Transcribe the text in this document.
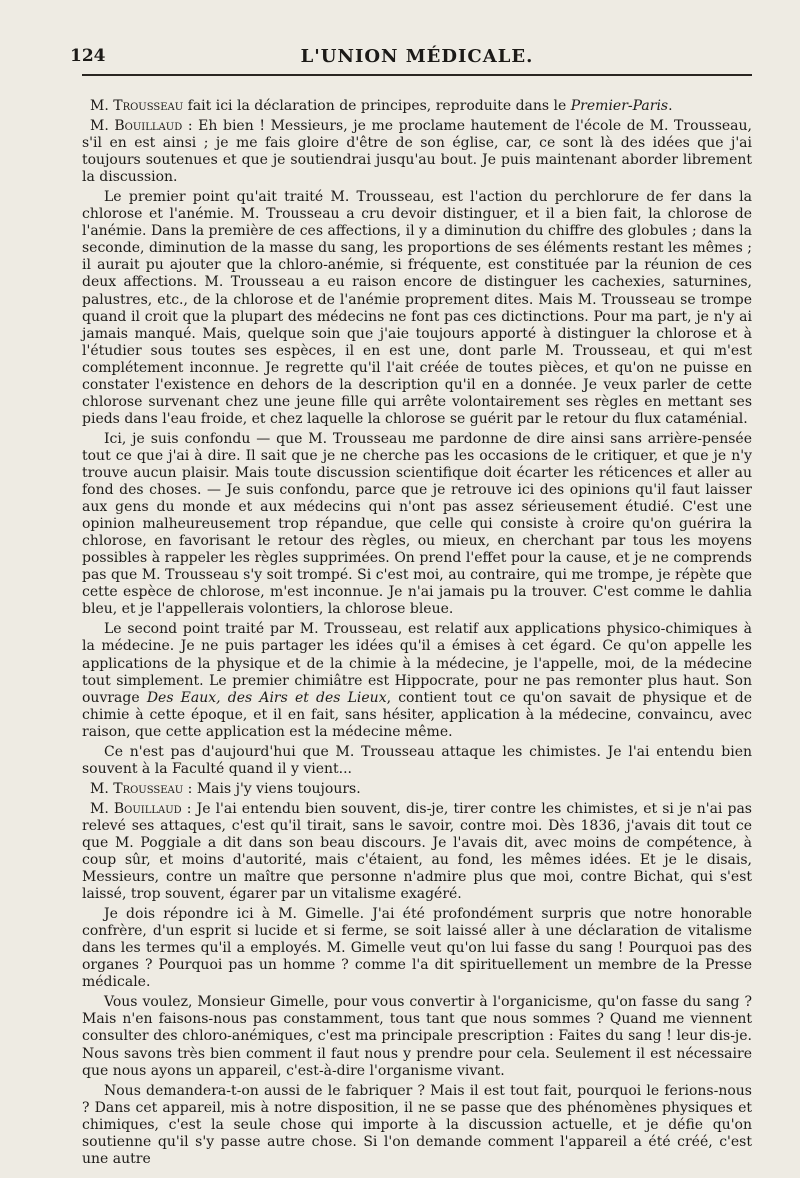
124	L'UNION MÉDICALE.

M. Trousseau fait ici la déclaration de principes, reproduite dans le Premier-Paris.

M. Bouillaud : Eh bien ! Messieurs, je me proclame hautement de l'école de M. Trousseau, s'il en est ainsi ; je me fais gloire d'être de son église, car, ce sont là des idées que j'ai toujours soutenues et que je soutiendrai jusqu'au bout. Je puis maintenant aborder librement la discussion.

Le premier point qu'ait traité M. Trousseau, est l'action du perchlorure de fer dans la chlorose et l'anémie. M. Trousseau a cru devoir distinguer, et il a bien fait, la chlorose de l'anémie. Dans la première de ces affections, il y a diminution du chiffre des globules ; dans la seconde, diminution de la masse du sang, les proportions de ses éléments restant les mêmes ; il aurait pu ajouter que la chloro-anémie, si fréquente, est constituée par la réunion de ces deux affections. M. Trousseau a eu raison encore de distinguer les cachexies, saturnines, palustres, etc., de la chlorose et de l'anémie proprement dites. Mais M. Trousseau se trompe quand il croit que la plupart des médecins ne font pas ces dictinctions. Pour ma part, je n'y ai jamais manqué. Mais, quelque soin que j'aie toujours apporté à distinguer la chlorose et à l'étudier sous toutes ses espèces, il en est une, dont parle M. Trousseau, et qui m'est complétement inconnue. Je regrette qu'il l'ait créée de toutes pièces, et qu'on ne puisse en constater l'existence en dehors de la description qu'il en a donnée. Je veux parler de cette chlorose survenant chez une jeune fille qui arrête volontairement ses règles en mettant ses pieds dans l'eau froide, et chez laquelle la chlorose se guérit par le retour du flux cataménial.

Ici, je suis confondu — que M. Trousseau me pardonne de dire ainsi sans arrière-pensée tout ce que j'ai à dire. Il sait que je ne cherche pas les occasions de le critiquer, et que je n'y trouve aucun plaisir. Mais toute discussion scientifique doit écarter les réticences et aller au fond des choses. — Je suis confondu, parce que je retrouve ici des opinions qu'il faut laisser aux gens du monde et aux médecins qui n'ont pas assez sérieusement étudié. C'est une opinion malheureusement trop répandue, que celle qui consiste à croire qu'on guérira la chlorose, en favorisant le retour des règles, ou mieux, en cherchant par tous les moyens possibles à rappeler les règles supprimées. On prend l'effet pour la cause, et je ne comprends pas que M. Trousseau s'y soit trompé. Si c'est moi, au contraire, qui me trompe, je répète que cette espèce de chlorose, m'est inconnue. Je n'ai jamais pu la trouver. C'est comme le dahlia bleu, et je l'appellerais volontiers, la chlorose bleue.

Le second point traité par M. Trousseau, est relatif aux applications physico-chimiques à la médecine. Je ne puis partager les idées qu'il a émises à cet égard. Ce qu'on appelle les applications de la physique et de la chimie à la médecine, je l'appelle, moi, de la médecine tout simplement. Le premier chimiâtre est Hippocrate, pour ne pas remonter plus haut. Son ouvrage Des Eaux, des Airs et des Lieux, contient tout ce qu'on savait de physique et de chimie à cette époque, et il en fait, sans hésiter, application à la médecine, convaincu, avec raison, que cette application est la médecine même.

Ce n'est pas d'aujourd'hui que M. Trousseau attaque les chimistes. Je l'ai entendu bien souvent à la Faculté quand il y vient...

M. Trousseau : Mais j'y viens toujours.

M. Bouillaud : Je l'ai entendu bien souvent, dis-je, tirer contre les chimistes, et si je n'ai pas relevé ses attaques, c'est qu'il tirait, sans le savoir, contre moi. Dès 1836, j'avais dit tout ce que M. Poggiale a dit dans son beau discours. Je l'avais dit, avec moins de compétence, à coup sûr, et moins d'autorité, mais c'étaient, au fond, les mêmes idées. Et je le disais, Messieurs, contre un maître que personne n'admire plus que moi, contre Bichat, qui s'est laissé, trop souvent, égarer par un vitalisme exagéré.

Je dois répondre ici à M. Gimelle. J'ai été profondément surpris que notre honorable confrère, d'un esprit si lucide et si ferme, se soit laissé aller à une déclaration de vitalisme dans les termes qu'il a employés. M. Gimelle veut qu'on lui fasse du sang ! Pourquoi pas des organes ? Pourquoi pas un homme ? comme l'a dit spirituellement un membre de la Presse médicale.

Vous voulez, Monsieur Gimelle, pour vous convertir à l'organicisme, qu'on fasse du sang ? Mais n'en faisons-nous pas constamment, tous tant que nous sommes ? Quand me viennent consulter des chloro-anémiques, c'est ma principale prescription : Faites du sang ! leur dis-je. Nous savons très bien comment il faut nous y prendre pour cela. Seulement il est nécessaire que nous ayons un appareil, c'est-à-dire l'organisme vivant.

Nous demandera-t-on aussi de le fabriquer ? Mais il est tout fait, pourquoi le ferions-nous ? Dans cet appareil, mis à notre disposition, il ne se passe que des phénomènes physiques et chimiques, c'est la seule chose qui importe à la discussion actuelle, et je défie qu'on soutienne qu'il s'y passe autre chose. Si l'on demande comment l'appareil a été créé, c'est une autre
